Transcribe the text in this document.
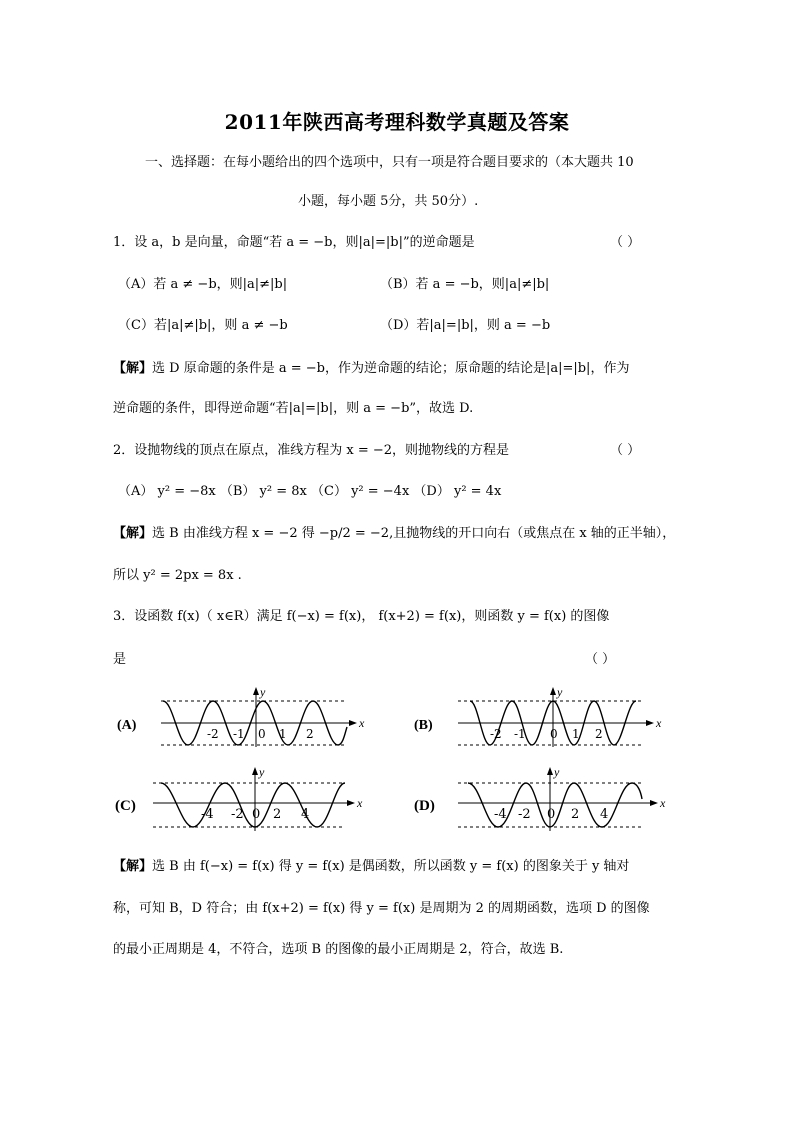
2011年陕西高考理科数学真题及答案
一、选择题：在每小题给出的四个选项中，只有一项是符合题目要求的（本大题共 10
小题，每小题 5分，共 50分）.
1．设 a，b 是向量，命题“若 a = −b，则|a|=|b|”的逆命题是	（ ）
（A）若 a ≠ −b，则|a|≠|b|	（B）若 a = −b，则|a|≠|b|
（C）若|a|≠|b|，则 a ≠ −b	（D）若|a|=|b|，则 a = −b
【解】选 D 原命题的条件是 a = −b，作为逆命题的结论；原命题的结论是|a|=|b|，作为
逆命题的条件，即得逆命题“若|a|=|b|，则 a = −b”，故选 D.
2．设抛物线的顶点在原点，准线方程为 x = −2，则抛物线的方程是	（ ）
（A） y² = −8x （B） y² = 8x （C） y² = −4x （D） y² = 4x
【解】选 B 由准线方程 x = −2 得 −p/2 = −2,且抛物线的开口向右（或焦点在 x 轴的正半轴），
所以 y² = 2px = 8x .
3．设函数 f(x)（ x∈R）满足 f(−x) = f(x)， f(x+2) = f(x)，则函数 y = f(x) 的图像
是	（ ）
(A)	x
y
-2 -1 0 1 2
(B)	x
y
-2 -1 0 1 2
(C)	x
y
-4 -2 0 2 4
(D)	x
y
-4 -2 0 2 4
【解】选 B 由 f(−x) = f(x) 得 y = f(x) 是偶函数，所以函数 y = f(x) 的图象关于 y 轴对
称，可知 B，D 符合；由 f(x+2) = f(x) 得 y = f(x) 是周期为 2 的周期函数，选项 D 的图像
的最小正周期是 4，不符合，选项 B 的图像的最小正周期是 2，符合，故选 B.
